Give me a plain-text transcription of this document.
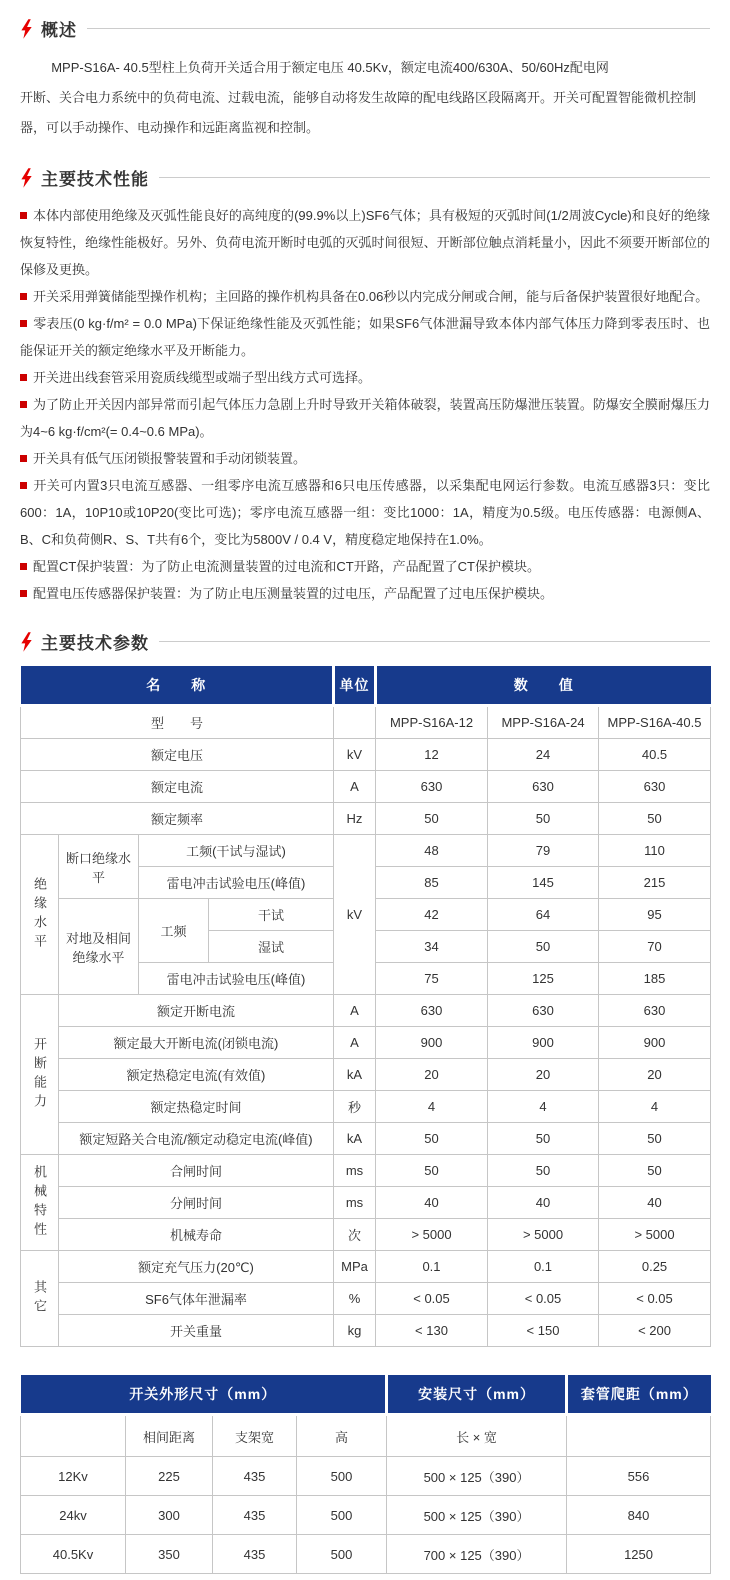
概述
MPP-S16A- 40.5型柱上负荷开关适合用于额定电压 40.5Kv，额定电流400/630A、50/60Hz配电网
开断、关合电力系统中的负荷电流、过载电流，能够自动将发生故障的配电线路区段隔离开。开关可配置智能微机控制器，可以手动操作、电动操作和远距离监视和控制。
主要技术性能
本体内部使用绝缘及灭弧性能良好的高纯度的(99.9%以上)SF6气体；具有极短的灭弧时间(1/2周波Cycle)和良好的绝缘恢复特性，绝缘性能极好。另外、负荷电流开断时电弧的灭弧时间很短、开断部位触点消耗量小，因此不须要开断部位的保修及更换。
开关采用弹簧储能型操作机构；主回路的操作机构具备在0.06秒以内完成分闸或合闸，能与后备保护装置很好地配合。
零表压(0 kg·f/m² = 0.0 MPa)下保证绝缘性能及灭弧性能；如果SF6气体泄漏导致本体内部气体压力降到零表压时、也能保证开关的额定绝缘水平及开断能力。
开关进出线套管采用瓷质线缆型或端子型出线方式可选择。
为了防止开关因内部异常而引起气体压力急剧上升时导致开关箱体破裂，装置高压防爆泄压装置。防爆安全膜耐爆压力为4~6 kg·f/cm²(= 0.4~0.6 MPa)。
开关具有低气压闭锁报警装置和手动闭锁装置。
开关可内置3只电流互感器、一组零序电流互感器和6只电压传感器，以采集配电网运行参数。电流互感器3只：变比600：1A，10P10或10P20(变比可选)；零序电流互感器一组：变比1000：1A，精度为0.5级。电压传感器：电源侧A、B、C和负荷侧R、S、T共有6个，变比为5800V / 0.4 V，精度稳定地保持在1.0%。
配置CT保护装置：为了防止电流测量装置的过电流和CT开路，产品配置了CT保护模块。
配置电压传感器保护装置：为了防止电压测量装置的过电压，产品配置了过电压保护模块。
主要技术参数
名　　称				单位	数　　值		
型　　号					MPP-S16A-12	MPP-S16A-24	MPP-S16A-40.5
额定电压				kV	12	24	40.5
额定电流				A	630	630	630
额定频率				Hz	50	50	50
绝缘水平	断口绝缘水平	工频(干试与湿试)		kV	48	79	110
		雷电冲击试验电压(峰值)			85	145	215
	对地及相间绝缘水平	工频	干试		42	64	95
			湿试		34	50	70
		雷电冲击试验电压(峰值)			75	125	185
开断能力	额定开断电流			A	630	630	630
	额定最大开断电流(闭锁电流)			A	900	900	900
	额定热稳定电流(有效值)			kA	20	20	20
	额定热稳定时间			秒	4	4	4
	额定短路关合电流/额定动稳定电流(峰值)			kA	50	50	50
机械特性	合闸时间			ms	50	50	50
	分闸时间			ms	40	40	40
	机械寿命			次	> 5000	> 5000	> 5000
其它	额定充气压力(20℃)			MPa	0.1	0.1	0.25
	SF6气体年泄漏率			%	< 0.05	< 0.05	< 0.05
	开关重量			kg	< 130	< 150	< 200
开关外形尺寸（mm）				安装尺寸（mm）	套管爬距（mm）
	相间距离	支架宽	高	长 × 宽	
12Kv	225	435	500	500 × 125（390）	556
24kv	300	435	500	500 × 125（390）	840
40.5Kv	350	435	500	700 × 125（390）	1250
